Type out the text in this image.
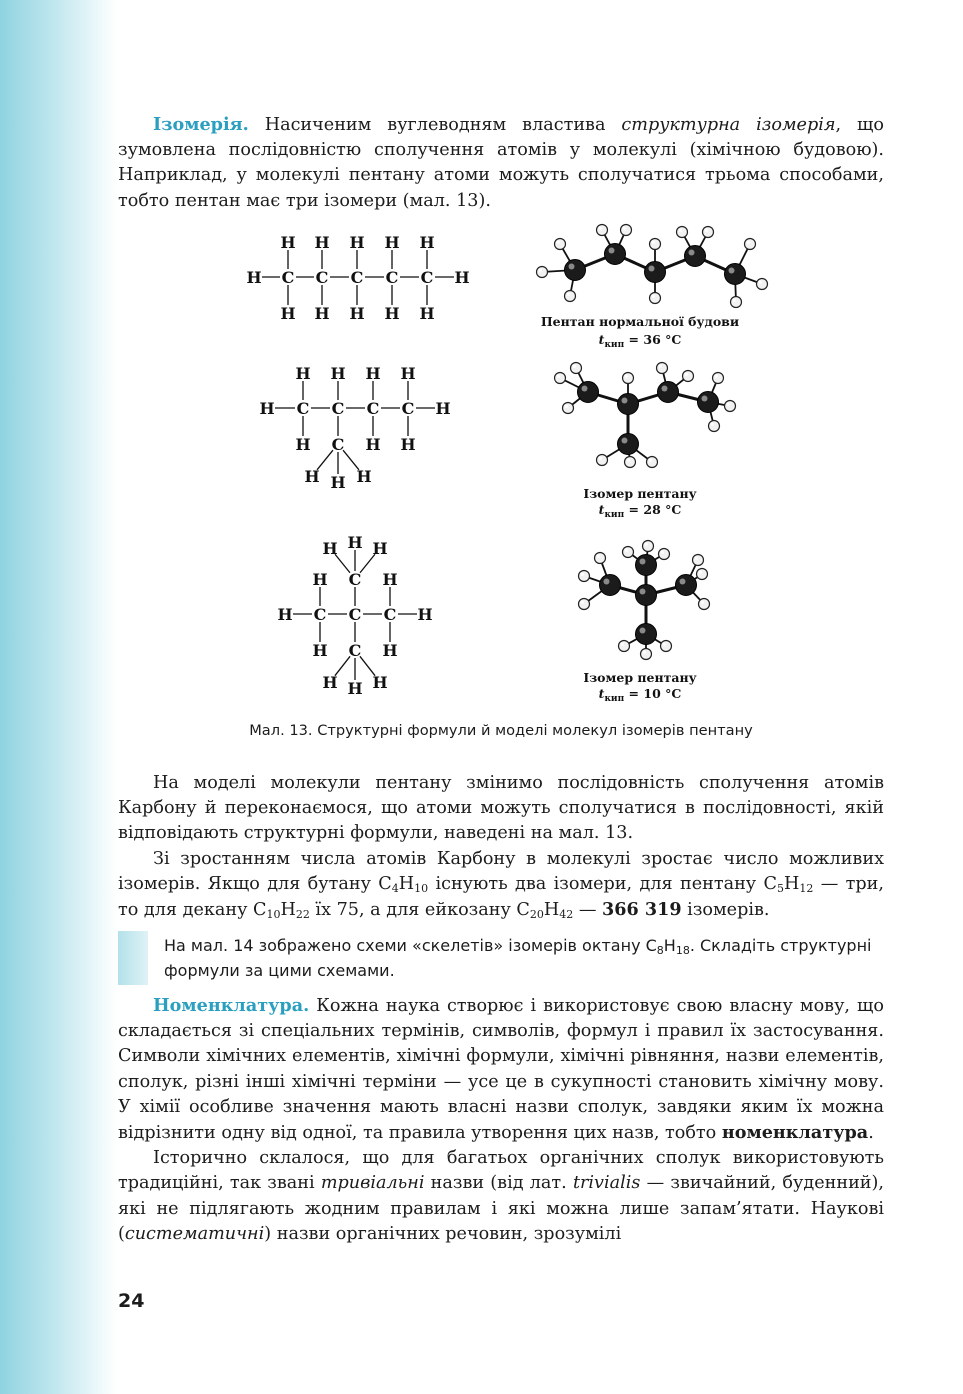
Ізомерія. Насиченим вуглеводням властива структурна ізомерія, що зумовлена послідовністю сполучення атомів у молекулі (хімічною будовою). Наприклад, у молекулі пентану атоми можуть сполучатися трьома способами, тобто пентан має три ізомери (мал. 13).

C C C C C
H
H
H
H
H
H
H
H
H
H
H	H
C C C C
H H H H
H	H H
C
H H H
H	H
C C C
C
C
H	H
H
H
H
H
H H H
H H H
Пентан нормальної будови
$t_{кип} = 36$ °C
Ізомер пентану
$t_{кип} = 28$ °C
Ізомер пентану
$t_{кип} = 10$ °C
Мал. 13. Структурні формули й моделі молекул ізомерів пентану

На моделі молекули пентану змінимо послідовність сполучення атомів Карбону й переконаємося, що атоми можуть сполучатися в послідовності, якій відповідають структурні формули, наведені на мал. 13.

Зі зростанням числа атомів Карбону в молекулі зростає число можливих ізомерів. Якщо для бутану $C_4H_{10}$ існують два ізомери, для пентану $C_5H_{12}$ — три, то для декану $C_{10}H_{22}$ їх 75, а для ейкозану $C_{20}H_{42}$ — 366 319 ізомерів.

На мал. 14 зображено схеми «скелетів» ізомерів октану $C_8H_{18}$. Складіть структурні формули за цими схемами.

Номенклатура. Кожна наука створює і використовує свою власну мову, що складається зі спеціальних термінів, символів, формул і правил їх застосування. Символи хімічних елементів, хімічні формули, хімічні рівняння, назви елементів, сполук, різні інші хімічні терміни — усе це в сукупності становить хімічну мову. У хімії особливе значення мають власні назви сполук, завдяки яким їх можна відрізнити одну від одної, та правила утворення цих назв, тобто номенклатура.

Історично склалося, що для багатьох органічних сполук використовують традиційні, так звані тривіальні назви (від лат. trivialis — звичайний, буденний), які не підлягають жодним правилам і які можна лише запам’ятати. Наукові (систематичні) назви органічних речовин, зрозумілі

24
